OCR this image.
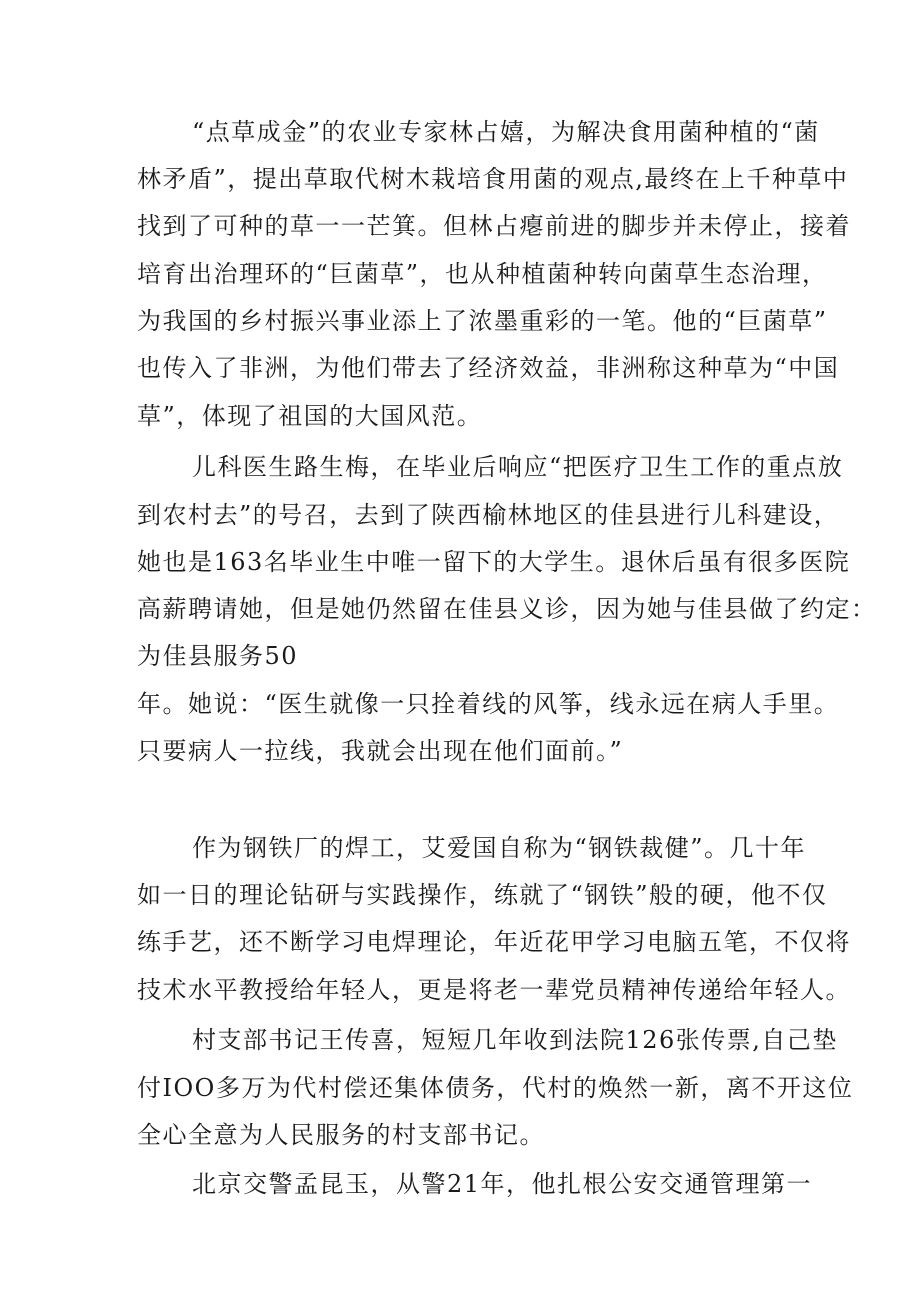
“点草成金”的农业专家林占嬉，为解决食用菌种植的“菌
林矛盾”，提出草取代树木栽培食用菌的观点,最终在上千种草中
找到了可种的草一一芒箕。但林占瘪前进的脚步并未停止，接着
培育出治理环的“巨菌草”，也从种植菌种转向菌草生态治理，
为我国的乡村振兴事业添上了浓墨重彩的一笔。他的“巨菌草”
也传入了非洲，为他们带去了经济效益，非洲称这种草为“中国
草”，体现了祖国的大国风范。
儿科医生路生梅，在毕业后响应“把医疗卫生工作的重点放
到农村去”的号召，去到了陕西榆林地区的佳县进行儿科建设，
她也是163名毕业生中唯一留下的大学生。退休后虽有很多医院
高薪聘请她，但是她仍然留在佳县义诊，因为她与佳县做了约定：
为佳县服务50
年。她说：“医生就像一只拴着线的风筝，线永远在病人手里。
只要病人一拉线，我就会出现在他们面前。”
作为钢铁厂的焊工，艾爱国自称为“钢铁裁健”。几十年
如一日的理论钻研与实践操作，练就了“钢铁”般的硬，他不仅
练手艺，还不断学习电焊理论，年近花甲学习电脑五笔，不仅将
技术水平教授给年轻人，更是将老一辈党员精神传递给年轻人。
村支部书记王传喜，短短几年收到法院126张传票,自己垫
付IOO多万为代村偿还集体债务，代村的焕然一新，离不开这位
全心全意为人民服务的村支部书记。
北京交警孟昆玉，从警21年，他扎根公安交通管理第一
